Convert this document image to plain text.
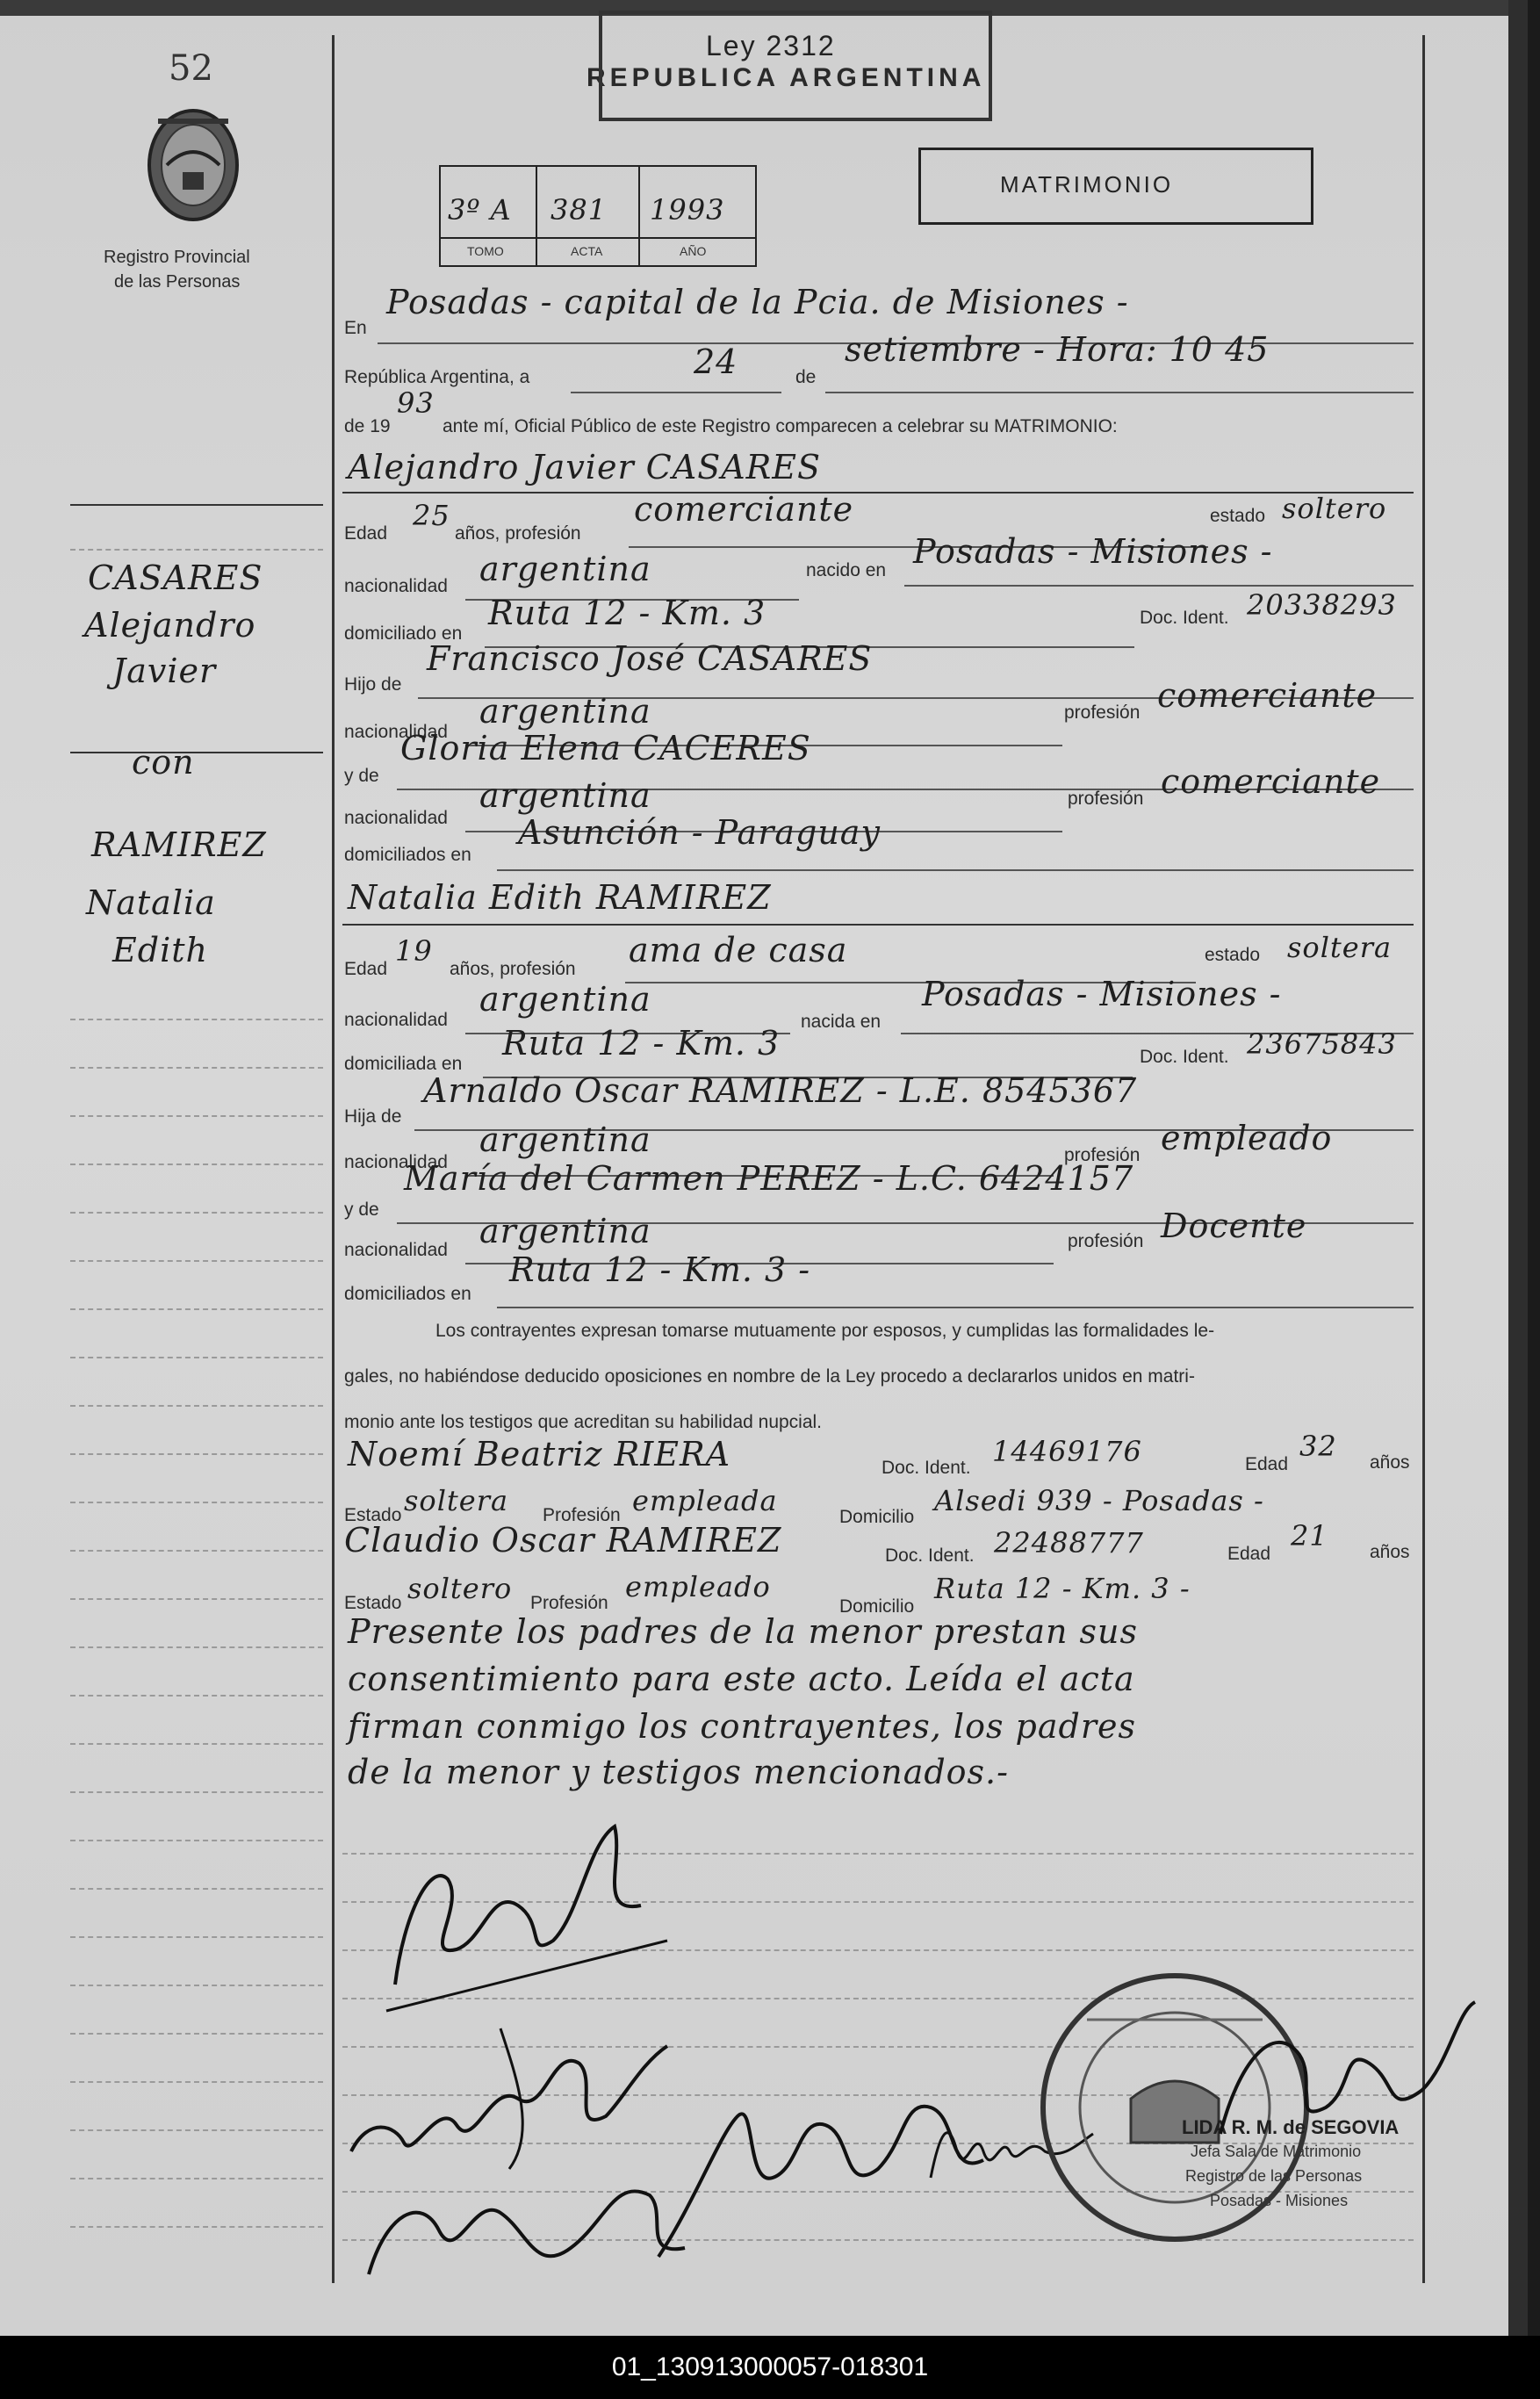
52
Registro Provincial
de las Personas
REPUBLICA ARGENTINA
Ley 2312
MATRIMONIO
3º A
TOMO
381
ACTA
1993
AÑO
En
Posadas - capital de la Pcia. de Misiones -
República Argentina, a	24	de
setiembre - Hora: 10 45
de 19
93
ante mí, Oficial Público de este Registro comparecen a celebrar su MATRIMONIO:
Alejandro Javier CASARES
Edad
25
años, profesión
comerciante	estado soltero
nacionalidad argentina	nacido en Posadas - Misiones -
domiciliado en
Ruta 12 - Km. 3	Doc. Ident. 20338293
Hijo de
Francisco José CASARES
nacionalidad
argentina	profesión comerciante
y de
Gloria Elena CACERES
nacionalidad
argentina	profesión comerciante
domiciliados en
Asunción - Paraguay
Natalia Edith RAMIREZ
Edad
19
años, profesión ama de casa	estado soltera
nacionalidad
argentina
nacida en
Posadas - Misiones -
domiciliada en
Ruta 12 - Km. 3	Doc. Ident. 23675843
Hija de
Arnaldo Oscar RAMIREZ - L.E. 8545367
nacionalidad
argentina	profesión empleado
y de
María del Carmen PEREZ - L.C. 6424157
nacionalidad argentina	profesión Docente
domiciliados en
Ruta 12 - Km. 3 -
Los contrayentes expresan tomarse mutuamente por esposos, y cumplidas las formalidades le-
gales, no habiéndose deducido oposiciones en nombre de la Ley procedo a declararlos unidos en matri-
monio ante los testigos que acreditan su habilidad nupcial.
Noemí Beatriz RIERA	Doc. Ident. 14469176	Edad
32 años
Estado soltera Profesión empleada	Domicilio Alsedi 939 - Posadas -
Claudio Oscar RAMIREZ	Doc. Ident. 22488777	Edad
21 años
Estado soltero Profesión empleado
Domicilio
Ruta 12 - Km. 3 -
Presente los padres de la menor prestan sus
consentimiento para este acto. Leída el acta
firman conmigo los contrayentes, los padres
de la menor y testigos mencionados.-
CASARES
Alejandro
Javier
con
RAMIREZ
Natalia
Edith
LIDA R. M. de SEGOVIA
Jefa Sala de Matrimonio
Registro de las Personas
Posadas - Misiones
01_130913000057-018301
